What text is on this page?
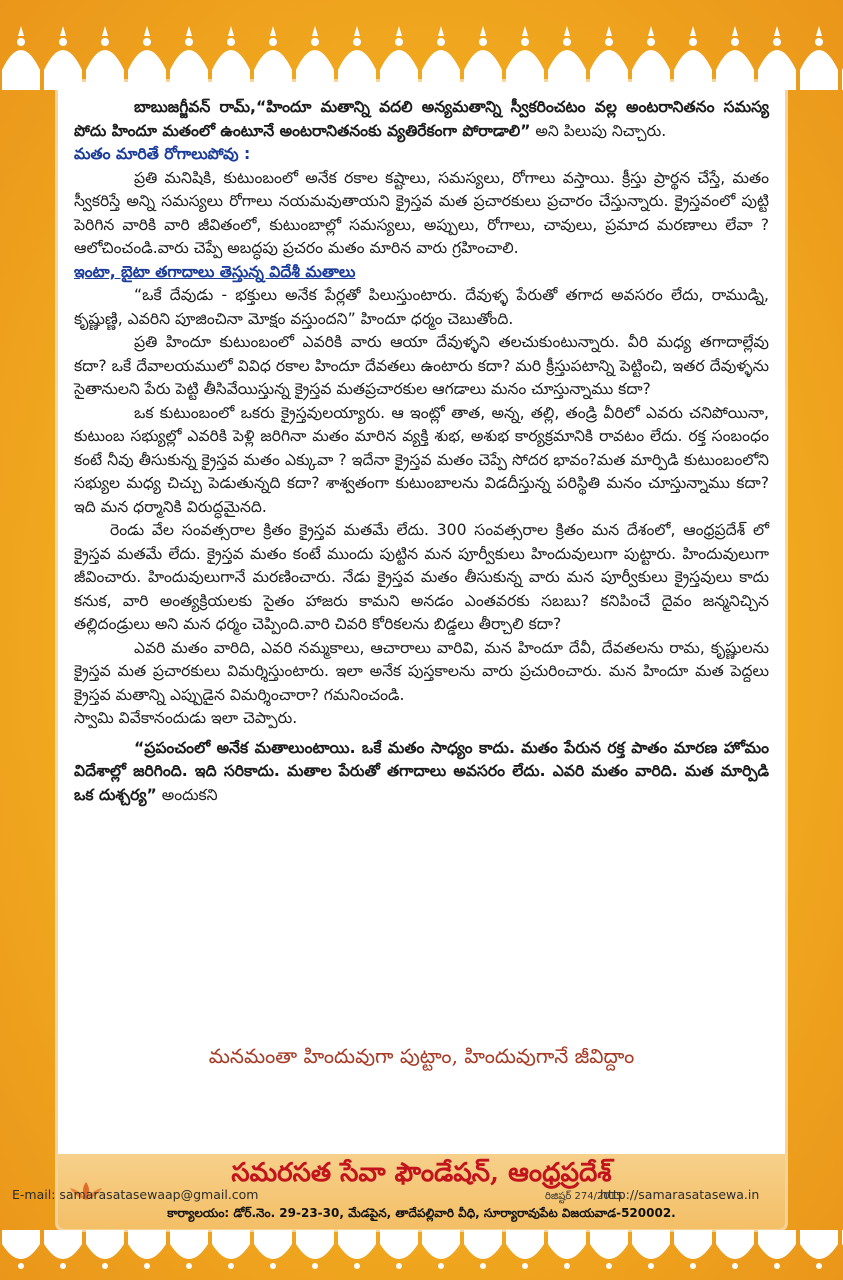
బాబుజగ్జీవన్ రామ్,“హిందూ మతాన్ని వదలి అన్యమతాన్ని స్వీకరించటం వల్ల అంటరానితనం సమస్య పోదు హిందూ మతంలో ఉంటూనే అంటరానితనంకు వ్యతిరేకంగా పోరాడాలి” అని పిలుపు నిచ్చారు.

మతం మారితే రోగాలుపోవు :

ప్రతి మనిషికి, కుటుంబంలో అనేక రకాల కష్టాలు, సమస్యలు, రోగాలు వస్తాయి. క్రీస్తు ప్రార్థన చేస్తే, మతం స్వీకరిస్తే అన్ని సమస్యలు రోగాలు నయమవుతాయని క్రైస్తవ మత ప్రచారకులు ప్రచారం చేస్తున్నారు. క్రైస్తవంలో పుట్టి పెరిగిన వారికి వారి జీవితంలో, కుటుంబాల్లో సమస్యలు, అప్పులు, రోగాలు, చావులు, ప్రమాద మరణాలు లేవా ? ఆలోచించండి.వారు చెప్పే అబద్ధపు ప్రచరం మతం మారిన వారు గ్రహించాలి.

ఇంటా, బైటా తగాదాలు తెస్తున్న విదేశీ మతాలు

“ఒకే దేవుడు - భక్తులు అనేక పేర్లతో పిలుస్తుంటారు. దేవుళ్ళ పేరుతో తగాద అవసరం లేదు, రాముడ్ని, కృష్ణుణ్ణి, ఎవరిని పూజించినా మోక్షం వస్తుందని” హిందూ ధర్మం చెబుతోంది.

ప్రతి హిందూ కుటుంబంలో ఎవరికి వారు ఆయా దేవుళ్ళని తలచుకుంటున్నారు. వీరి మధ్య తగాదాల్లేవు కదా? ఒకే దేవాలయములో వివిధ రకాల హిందూ దేవతలు ఉంటారు కదా? మరి క్రీస్తుపటాన్ని పెట్టించి, ఇతర దేవుళ్ళను సైతానులని పేరు పెట్టి తీసివేయిస్తున్న క్రైస్తవ మతప్రచారకుల ఆగడాలు మనం చూస్తున్నాము కదా?

ఒక కుటుంబంలో ఒకరు క్రైస్తవులయ్యారు. ఆ ఇంట్లో తాత, అన్న, తల్లి, తండ్రి వీరిలో ఎవరు చనిపోయినా, కుటుంబ సభ్యుల్లో ఎవరికి పెళ్లి జరిగినా మతం మారిన వ్యక్తి శుభ, అశుభ కార్యక్రమానికి రావటం లేదు. రక్త సంబంధం కంటే నీవు తీసుకున్న క్రైస్తవ మతం ఎక్కువా ? ఇదేనా క్రైస్తవ మతం చెప్పే సోదర భావం?మత మార్పిడి కుటుంబంలోని సభ్యుల మధ్య చిచ్చు పెడుతున్నది కదా? శాశ్వతంగా కుటుంబాలను విడదీస్తున్న పరిస్థితి మనం చూస్తున్నాము కదా? ఇది మన ధర్మానికి విరుద్ధమైనది.

రెండు వేల సంవత్సరాల క్రితం క్రైస్తవ మతమే లేదు. 300 సంవత్సరాల క్రితం మన దేశంలో, ఆంధ్రప్రదేశ్ లో క్రైస్తవ మతమే లేదు. క్రైస్తవ మతం కంటే ముందు పుట్టిన మన పూర్వీకులు హిందువులుగా పుట్టారు. హిందువులుగా జీవించారు. హిందువులుగానే మరణించారు. నేడు క్రైస్తవ మతం తీసుకున్న వారు మన పూర్వీకులు క్రైస్తవులు కాదు కనుక, వారి అంత్యక్రియలకు సైతం హాజరు కామని అనడం ఎంతవరకు సబబు? కనిపించే దైవం జన్మనిచ్చిన తల్లిదండ్రులు అని మన ధర్మం చెప్పింది.వారి చివరి కోరికలను బిడ్డలు తీర్చాలి కదా?

ఎవరి మతం వారిది, ఎవరి నమ్మకాలు, ఆచారాలు వారివి, మన హిందూ దేవీ, దేవతలను రామ, కృష్ణులను క్రైస్తవ మత ప్రచారకులు విమర్శిస్తుంటారు. ఇలా అనేక పుస్తకాలను వారు ప్రచురించారు. మన హిందూ మత పెద్దలు క్రైస్తవ మతాన్ని ఎప్పుడైన విమర్శించారా? గమనించండి.

స్వామి వివేకానందుడు ఇలా చెప్పారు.

“ప్రపంచంలో అనేక మతాలుంటాయి. ఒకే మతం సాధ్యం కాదు. మతం పేరున రక్త పాతం మారణ హోమం విదేశాల్లో జరిగింది. ఇది సరికాదు. మతాల పేరుతో తగాదాలు అవసరం లేదు. ఎవరి మతం వారిది. మత మార్పిడి ఒక దుశ్చర్య” అందుకని

మనమంతా హిందువుగా పుట్టాం, హిందువుగానే జీవిద్దాం
సమరసత సేవా ఫౌండేషన్, ఆంధ్రప్రదేశ్
రిజిష్టర్ 274/2015
E-mail: samarasatasewaap@gmail.com	http://samarasatasewa.in
కార్యాలయం: డోర్.నెం. 29-23-30, మేడపైన, తాదేపల్లివారి వీధి, సూర్యారావుపేట విజయవాడ-520002.
